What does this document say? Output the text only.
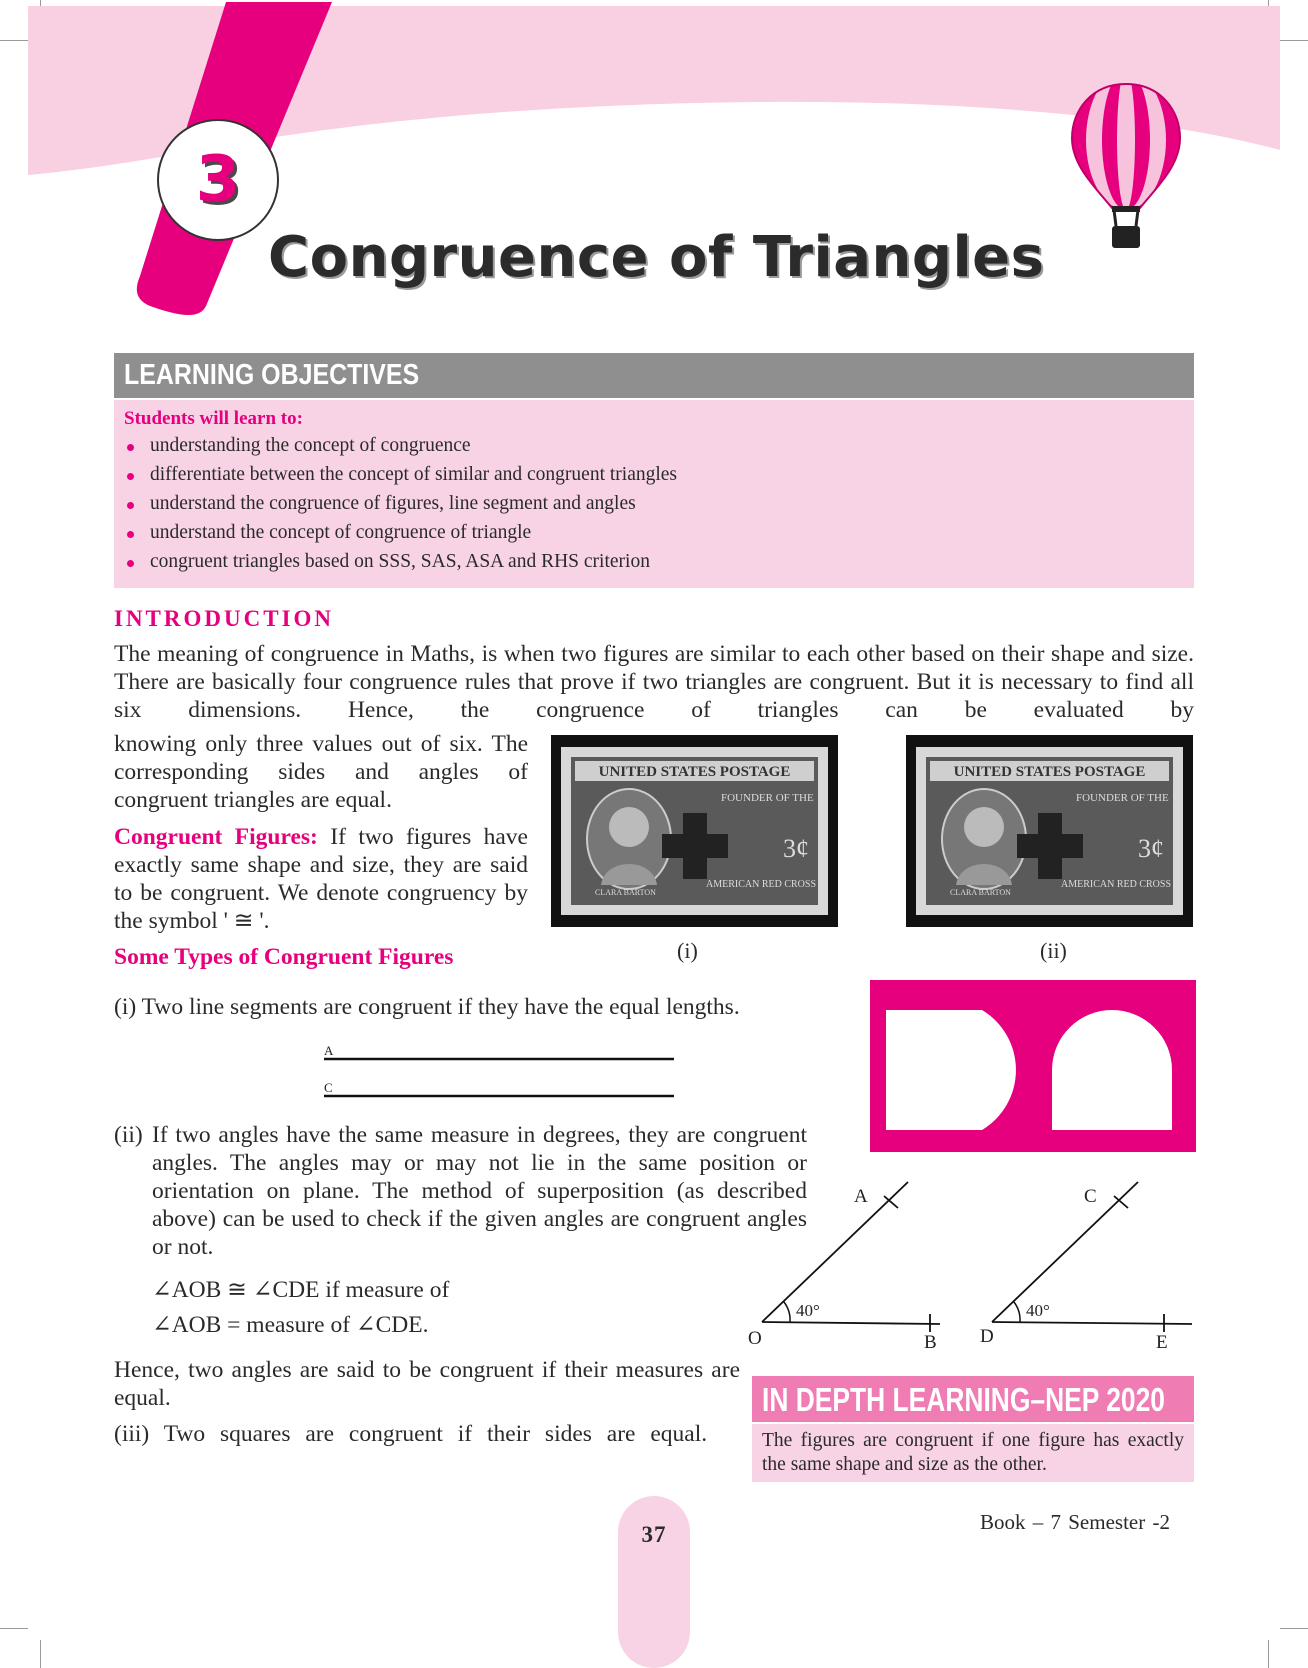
3
Congruence of Triangles
LEARNING OBJECTIVES
Students will learn to:
understanding the concept of congruence
differentiate between the concept of similar and congruent triangles
understand the congruence of figures, line segment and angles
understand the concept of congruence of triangle
congruent triangles based on SSS, SAS, ASA and RHS criterion
INTRODUCTION

The meaning of congruence in Maths, is when two figures are similar to each other based on their shape and size. There are basically four congruence rules that prove if two triangles are congruent. But it is necessary to find all six dimensions. Hence, the congruence of triangles can be evaluated by

knowing only three values out of six. The corresponding sides and angles of congruent triangles are equal.

Congruent Figures: If two figures have exactly same shape and size, they are said to be congruent. We denote congruency by the symbol ' ≅ '.

Some Types of Congruent Figures
UNITED STATES POSTAGE
FOUNDER OF THE
AMERICAN RED CROSS
3¢
CLARA BARTON
UNITED STATES POSTAGE
FOUNDER OF THE
AMERICAN RED CROSS
3¢
CLARA BARTON
(i)	(ii)
(i) Two line segments are congruent if they have the equal lengths.
A
C
(ii) If two angles have the same measure in degrees, they are congruent angles. The angles may or may not lie in the same position or orientation on plane. The method of superposition (as described above) can be used to check if the given angles are congruent angles or not.
∠AOB ≅ ∠CDE if measure of
∠AOB = measure of ∠CDE.
A
40°
O	B
C
40°
D	E

Hence, two angles are said to be congruent if their measures are equal.

(iii) Two squares are congruent if their sides are equal.
IN DEPTH LEARNING–NEP 2020

The figures are congruent if one figure has exactly the same shape and size as the other.

37	Book – 7 Semester -2
